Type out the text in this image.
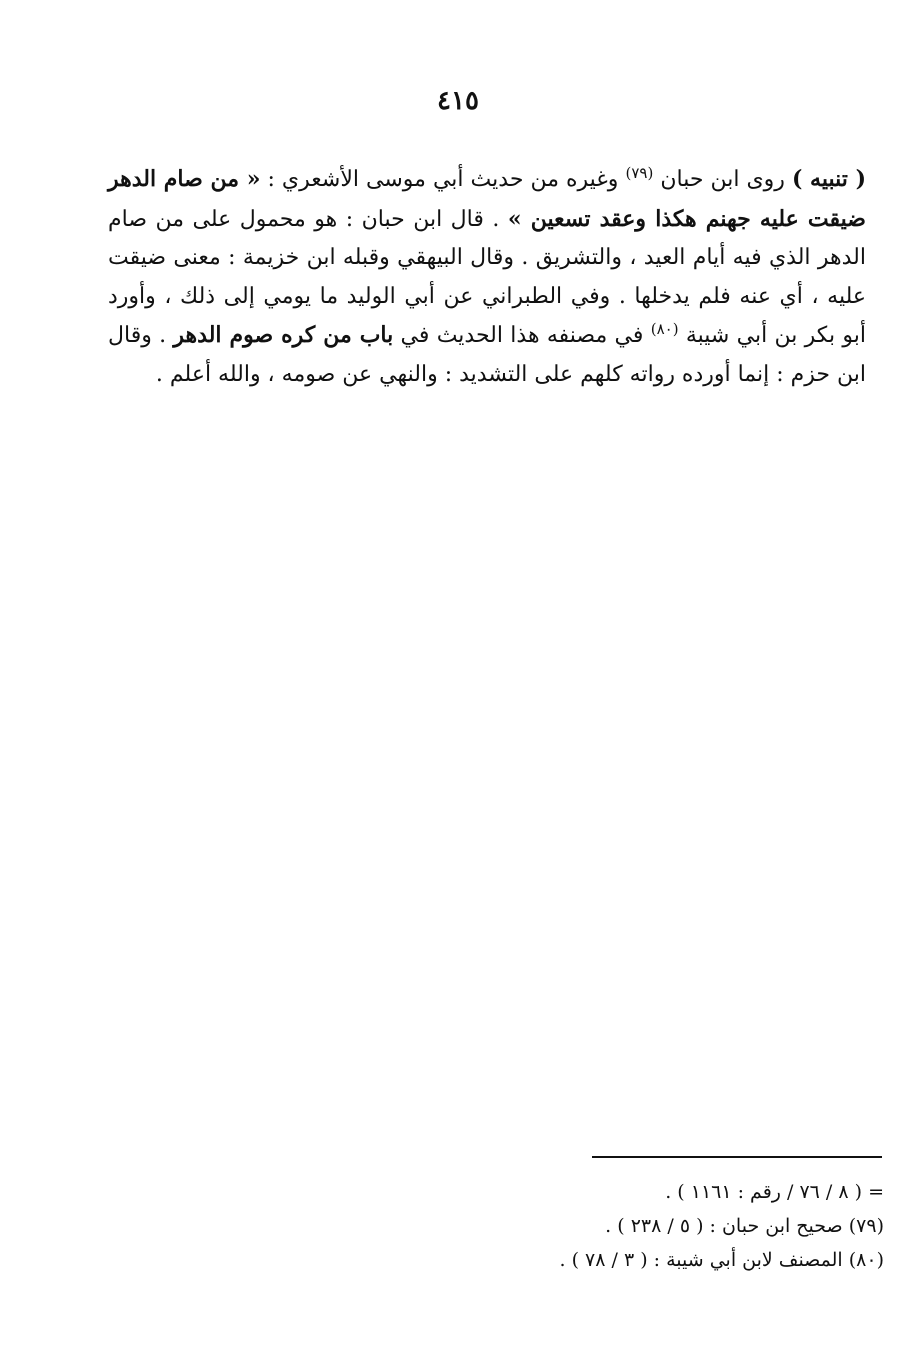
٤١٥

( تنبيه ) روى ابن حبان $^{(٧٩)}$ وغيره من حديث أبي موسى الأشعري : « من صام الدهر ضيقت عليه جهنم هكذا وعقد تسعين » . قال ابن حبان : هو محمول على من صام الدهر الذي فيه أيام العيد ، والتشريق . وقال البيهقي وقبله ابن خزيمة : معنى ضيقت عليه ، أي عنه فلم يدخلها . وفي الطبراني عن أبي الوليد ما يومي إلى ذلك ، وأورد أبو بكر بن أبي شيبة $^{(٨٠)}$ في مصنفه هذا الحديث في باب من كره صوم الدهر . وقال ابن حزم : إنما أورده رواته كلهم على التشديد : والنهي عن صومه ، والله أعلم .

= ( ٨ / ٧٦ / رقم : ١١٦١ ) .
(٧٩) صحيح ابن حبان : ( ٥ / ٢٣٨ ) .
(٨٠) المصنف لابن أبي شيبة : ( ٣ / ٧٨ ) .
